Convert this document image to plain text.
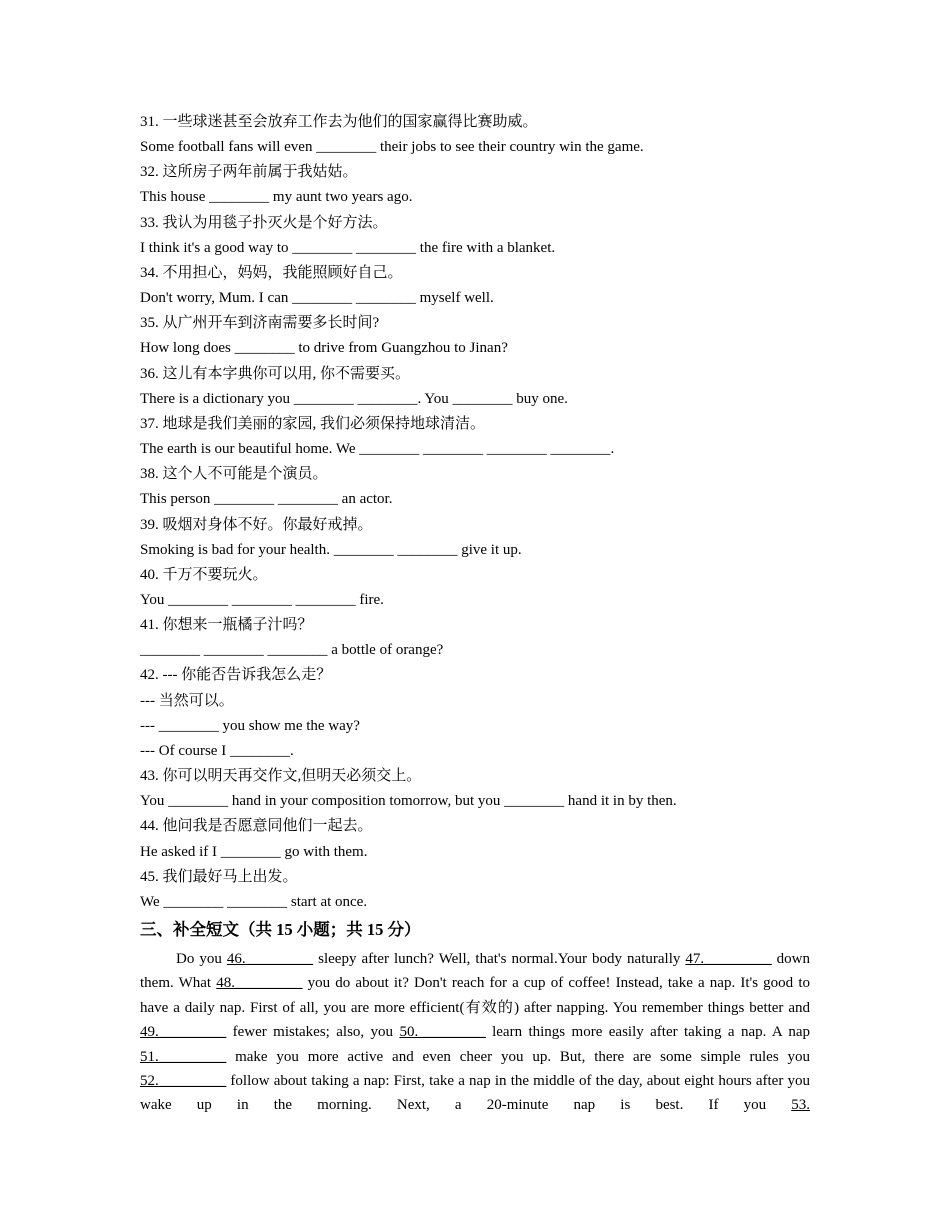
31. 一些球迷甚至会放弃工作去为他们的国家赢得比赛助威。

Some football fans will even ________ their jobs to see their country win the game.

32. 这所房子两年前属于我姑姑。

This house ________ my aunt two years ago.

33. 我认为用毯子扑灭火是个好方法。

I think it's a good way to ________ ________ the fire with a blanket.

34. 不用担心，妈妈，我能照顾好自己。

Don't worry, Mum. I can ________ ________ myself well.

35. 从广州开车到济南需要多长时间?

How long does ________ to drive from Guangzhou to Jinan?

36. 这儿有本字典你可以用, 你不需要买。

There is a dictionary you ________ ________. You ________ buy one.

37. 地球是我们美丽的家园, 我们必须保持地球清洁。

The earth is our beautiful home. We ________ ________ ________ ________.

38. 这个人不可能是个演员。

This person ________ ________ an actor.

39. 吸烟对身体不好。你最好戒掉。

Smoking is bad for your health. ________ ________ give it up.

40. 千万不要玩火。

You ________ ________ ________ fire.

41. 你想来一瓶橘子汁吗？

________ ________ ________ a bottle of orange?

42. --- 你能否告诉我怎么走？

--- 当然可以。

--- ________ you show me the way?

--- Of course I ________.

43. 你可以明天再交作文,但明天必须交上。

You ________ hand in your composition tomorrow, but you ________ hand it in by then.

44. 他问我是否愿意同他们一起去。

He asked if I ________ go with them.

45. 我们最好马上出发。

We ________ ________ start at once.

三、补全短文（共 15 小题；共 15 分）

Do you 46._________ sleepy after lunch? Well, that's normal.Your body naturally 47._________ down them. What 48._________ you do about it? Don't reach for a cup of coffee! Instead, take a nap. It's good to have a daily nap. First of all, you are more efficient(有效的) after napping. You remember things better and 49._________ fewer mistakes; also, you 50._________ learn things more easily after taking a nap. A nap 51._________ make you more active and even cheer you up. But, there are some simple rules you 52._________ follow about taking a nap: First, take a nap in the middle of the day, about eight hours after you wake up in the morning. Next, a 20-minute nap is best. If you 53.
